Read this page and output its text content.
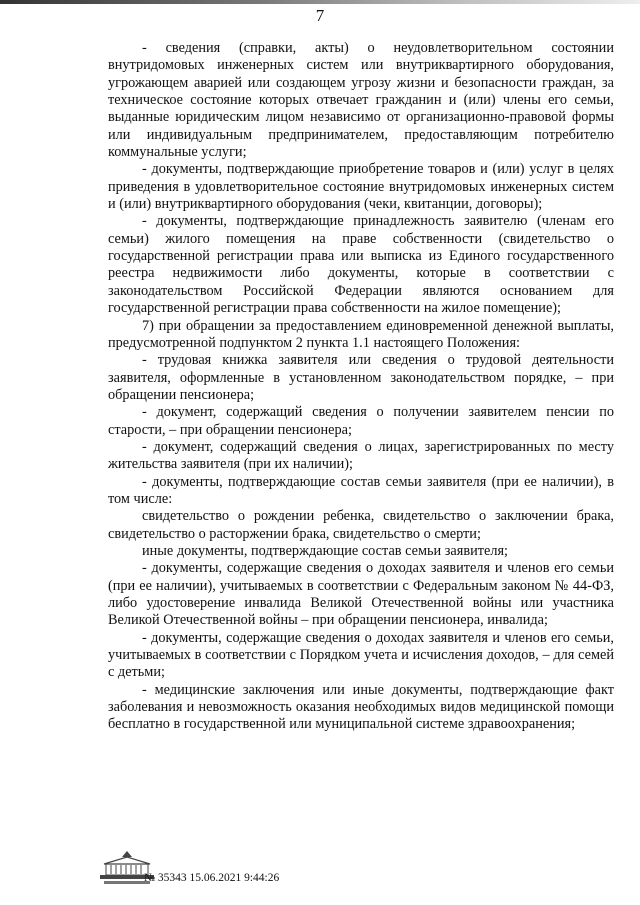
7

- сведения (справки, акты) о неудовлетворительном состоянии внутридомовых инженерных систем или внутриквартирного оборудования, угрожающем аварией или создающем угрозу жизни и безопасности граждан, за техническое состояние которых отвечает гражданин и (или) члены его семьи, выданные юридическим лицом независимо от организационно-правовой формы или индивидуальным предпринимателем, предоставляющим потребителю коммунальные услуги;

- документы, подтверждающие приобретение товаров и (или) услуг в целях приведения в удовлетворительное состояние внутридомовых инженерных систем и (или) внутриквартирного оборудования (чеки, квитанции, договоры);

- документы, подтверждающие принадлежность заявителю (членам его семьи) жилого помещения на праве собственности (свидетельство о государственной регистрации права или выписка из Единого государственного реестра недвижимости либо документы, которые в соответствии с законодательством Российской Федерации являются основанием для государственной регистрации права собственности на жилое помещение);

7) при обращении за предоставлением единовременной денежной выплаты, предусмотренной подпунктом 2 пункта 1.1 настоящего Положения:

- трудовая книжка заявителя или сведения о трудовой деятельности заявителя, оформленные в установленном законодательством порядке, – при обращении пенсионера;

- документ, содержащий сведения о получении заявителем пенсии по старости, – при обращении пенсионера;

- документ, содержащий сведения о лицах, зарегистрированных по месту жительства заявителя (при их наличии);

- документы, подтверждающие состав семьи заявителя (при ее наличии), в том числе:

свидетельство о рождении ребенка, свидетельство о заключении брака, свидетельство о расторжении брака, свидетельство о смерти;

иные документы, подтверждающие состав семьи заявителя;

- документы, содержащие сведения о доходах заявителя и членов его семьи (при ее наличии), учитываемых в соответствии с Федеральным законом № 44-ФЗ, либо удостоверение инвалида Великой Отечественной войны или участника Великой Отечественной войны – при обращении пенсионера, инвалида;

- документы, содержащие сведения о доходах заявителя и членов его семьи, учитываемых в соответствии с Порядком учета и исчисления доходов, – для семей с детьми;

- медицинские заключения или иные документы, подтверждающие факт заболевания и невозможность оказания необходимых видов медицинской помощи бесплатно в государственной или муниципальной системе здравоохранения;

№ 35343 15.06.2021 9:44:26
